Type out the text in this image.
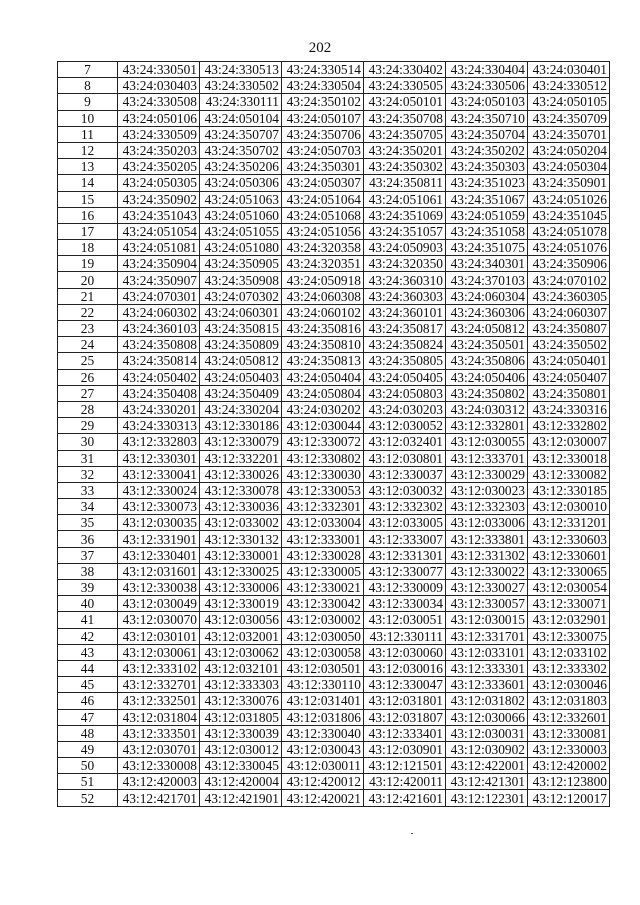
202
7	43:24:330501	43:24:330513	43:24:330514	43:24:330402	43:24:330404	43:24:030401
8	43:24:030403	43:24:330502	43:24:330504	43:24:330505	43:24:330506	43:24:330512
9	43:24:330508	43:24:330111	43:24:350102	43:24:050101	43:24:050103	43:24:050105
10	43:24:050106	43:24:050104	43:24:050107	43:24:350708	43:24:350710	43:24:350709
11	43:24:330509	43:24:350707	43:24:350706	43:24:350705	43:24:350704	43:24:350701
12	43:24:350203	43:24:350702	43:24:050703	43:24:350201	43:24:350202	43:24:050204
13	43:24:350205	43:24:350206	43:24:350301	43:24:350302	43:24:350303	43:24:050304
14	43:24:050305	43:24:050306	43:24:050307	43:24:350811	43:24:351023	43:24:350901
15	43:24:350902	43:24:051063	43:24:051064	43:24:051061	43:24:351067	43:24:051026
16	43:24:351043	43:24:051060	43:24:051068	43:24:351069	43:24:051059	43:24:351045
17	43:24:051054	43:24:051055	43:24:051056	43:24:351057	43:24:351058	43:24:051078
18	43:24:051081	43:24:051080	43:24:320358	43:24:050903	43:24:351075	43:24:051076
19	43:24:350904	43:24:350905	43:24:320351	43:24:320350	43:24:340301	43:24:350906
20	43:24:350907	43:24:350908	43:24:050918	43:24:360310	43:24:370103	43:24:070102
21	43:24:070301	43:24:070302	43:24:060308	43:24:360303	43:24:060304	43:24:360305
22	43:24:060302	43:24:060301	43:24:060102	43:24:360101	43:24:360306	43:24:060307
23	43:24:360103	43:24:350815	43:24:350816	43:24:350817	43:24:050812	43:24:350807
24	43:24:350808	43:24:350809	43:24:350810	43:24:350824	43:24:350501	43:24:350502
25	43:24:350814	43:24:050812	43:24:350813	43:24:350805	43:24:350806	43:24:050401
26	43:24:050402	43:24:050403	43:24:050404	43:24:050405	43:24:050406	43:24:050407
27	43:24:350408	43:24:350409	43:24:050804	43:24:050803	43:24:350802	43:24:350801
28	43:24:330201	43:24:330204	43:24:030202	43:24:030203	43:24:030312	43:24:330316
29	43:24:330313	43:12:330186	43:12:030044	43:12:030052	43:12:332801	43:12:332802
30	43:12:332803	43:12:330079	43:12:330072	43:12:032401	43:12:030055	43:12:030007
31	43:12:330301	43:12:332201	43:12:330802	43:12:030801	43:12:333701	43:12:330018
32	43:12:330041	43:12:330026	43:12:330030	43:12:330037	43:12:330029	43:12:330082
33	43:12:330024	43:12:330078	43:12:330053	43:12:030032	43:12:030023	43:12:330185
34	43:12:330073	43:12:330036	43:12:332301	43:12:332302	43:12:332303	43:12:030010
35	43:12:030035	43:12:033002	43:12:033004	43:12:033005	43:12:033006	43:12:331201
36	43:12:331901	43:12:330132	43:12:333001	43:12:333007	43:12:333801	43:12:330603
37	43:12:330401	43:12:330001	43:12:330028	43:12:331301	43:12:331302	43:12:330601
38	43:12:031601	43:12:330025	43:12:330005	43:12:330077	43:12:330022	43:12:330065
39	43:12:330038	43:12:330006	43:12:330021	43:12:330009	43:12:330027	43:12:030054
40	43:12:030049	43:12:330019	43:12:330042	43:12:330034	43:12:330057	43:12:330071
41	43:12:030070	43:12:030056	43:12:030002	43:12:030051	43:12:030015	43:12:032901
42	43:12:030101	43:12:032001	43:12:030050	43:12:330111	43:12:331701	43:12:330075
43	43:12:030061	43:12:030062	43:12:030058	43:12:030060	43:12:033101	43:12:033102
44	43:12:333102	43:12:032101	43:12:030501	43:12:030016	43:12:333301	43:12:333302
45	43:12:332701	43:12:333303	43:12:330110	43:12:330047	43:12:333601	43:12:030046
46	43:12:332501	43:12:330076	43:12:031401	43:12:031801	43:12:031802	43:12:031803
47	43:12:031804	43:12:031805	43:12:031806	43:12:031807	43:12:030066	43:12:332601
48	43:12:333501	43:12:330039	43:12:330040	43:12:333401	43:12:030031	43:12:330081
49	43:12:030701	43:12:030012	43:12:030043	43:12:030901	43:12:030902	43:12:330003
50	43:12:330008	43:12:330045	43:12:030011	43:12:121501	43:12:422001	43:12:420002
51	43:12:420003	43:12:420004	43:12:420012	43:12:420011	43:12:421301	43:12:123800
52	43:12:421701	43:12:421901	43:12:420021	43:12:421601	43:12:122301	43:12:120017
